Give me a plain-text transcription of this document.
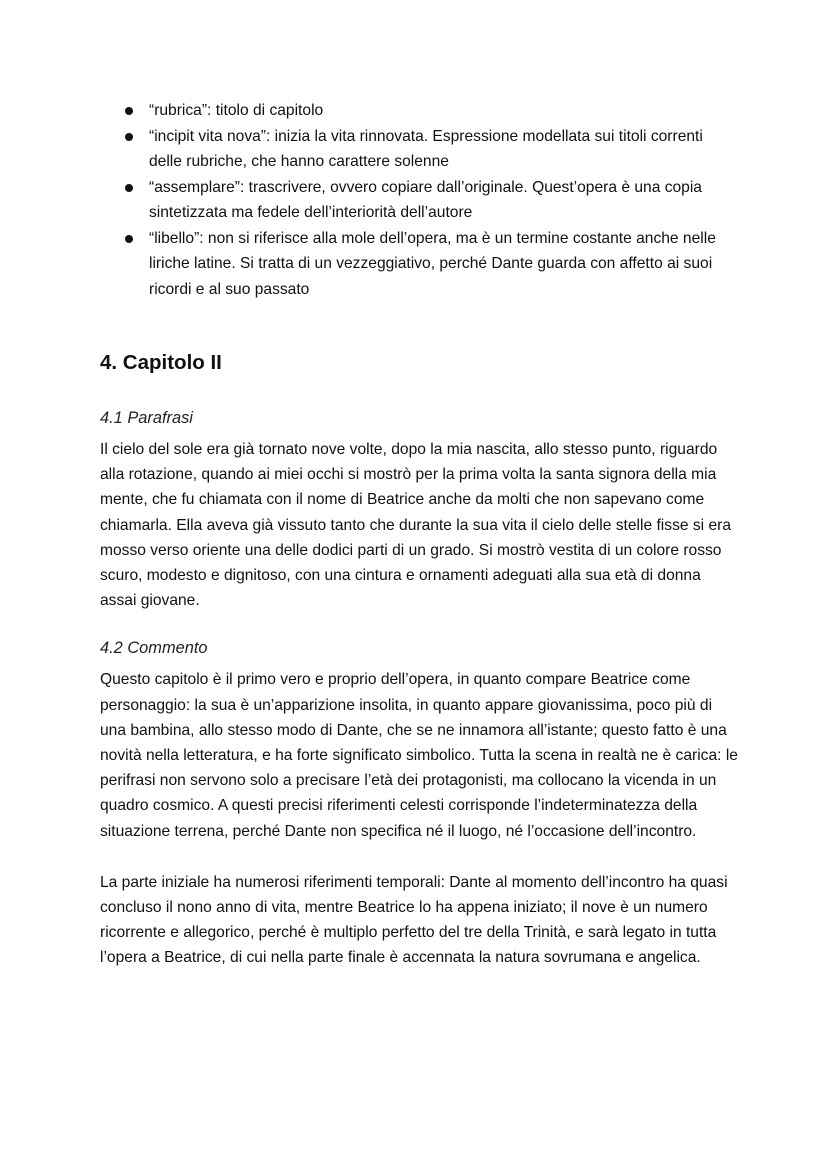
“rubrica”: titolo di capitolo
“incipit vita nova”: inizia la vita rinnovata. Espressione modellata sui titoli correnti delle rubriche, che hanno carattere solenne
“assemplare”: trascrivere, ovvero copiare dall’originale. Quest’opera è una copia sintetizzata ma fedele dell’interiorità dell’autore
“libello”: non si riferisce alla mole dell’opera, ma è un termine costante anche nelle liriche latine. Si tratta di un vezzeggiativo, perché Dante guarda con affetto ai suoi ricordi e al suo passato
4. Capitolo II
4.1 Parafrasi

Il cielo del sole era già tornato nove volte, dopo la mia nascita, allo stesso punto, riguardo alla rotazione, quando ai miei occhi si mostrò per la prima volta la santa signora della mia mente, che fu chiamata con il nome di Beatrice anche da molti che non sapevano come chiamarla. Ella aveva già vissuto tanto che durante la sua vita il cielo delle stelle fisse si era mosso verso oriente una delle dodici parti di un grado. Si mostrò vestita di un colore rosso scuro, modesto e dignitoso, con una cintura e ornamenti adeguati alla sua età di donna assai giovane.

4.2 Commento

Questo capitolo è il primo vero e proprio dell’opera, in quanto compare Beatrice come personaggio: la sua è un’apparizione insolita, in quanto appare giovanissima, poco più di una bambina, allo stesso modo di Dante, che se ne innamora all’istante; questo fatto è una novità nella letteratura, e ha forte significato simbolico. Tutta la scena in realtà ne è carica: le perifrasi non servono solo a precisare l’età dei protagonisti, ma collocano la vicenda in un quadro cosmico. A questi precisi riferimenti celesti corrisponde l’indeterminatezza della situazione terrena, perché Dante non specifica né il luogo, né l’occasione dell’incontro.

La parte iniziale ha numerosi riferimenti temporali: Dante al momento dell’incontro ha quasi concluso il nono anno di vita, mentre Beatrice lo ha appena iniziato; il nove è un numero ricorrente e allegorico, perché è multiplo perfetto del tre della Trinità, e sarà legato in tutta l’opera a Beatrice, di cui nella parte finale è accennata la natura sovrumana e angelica.
